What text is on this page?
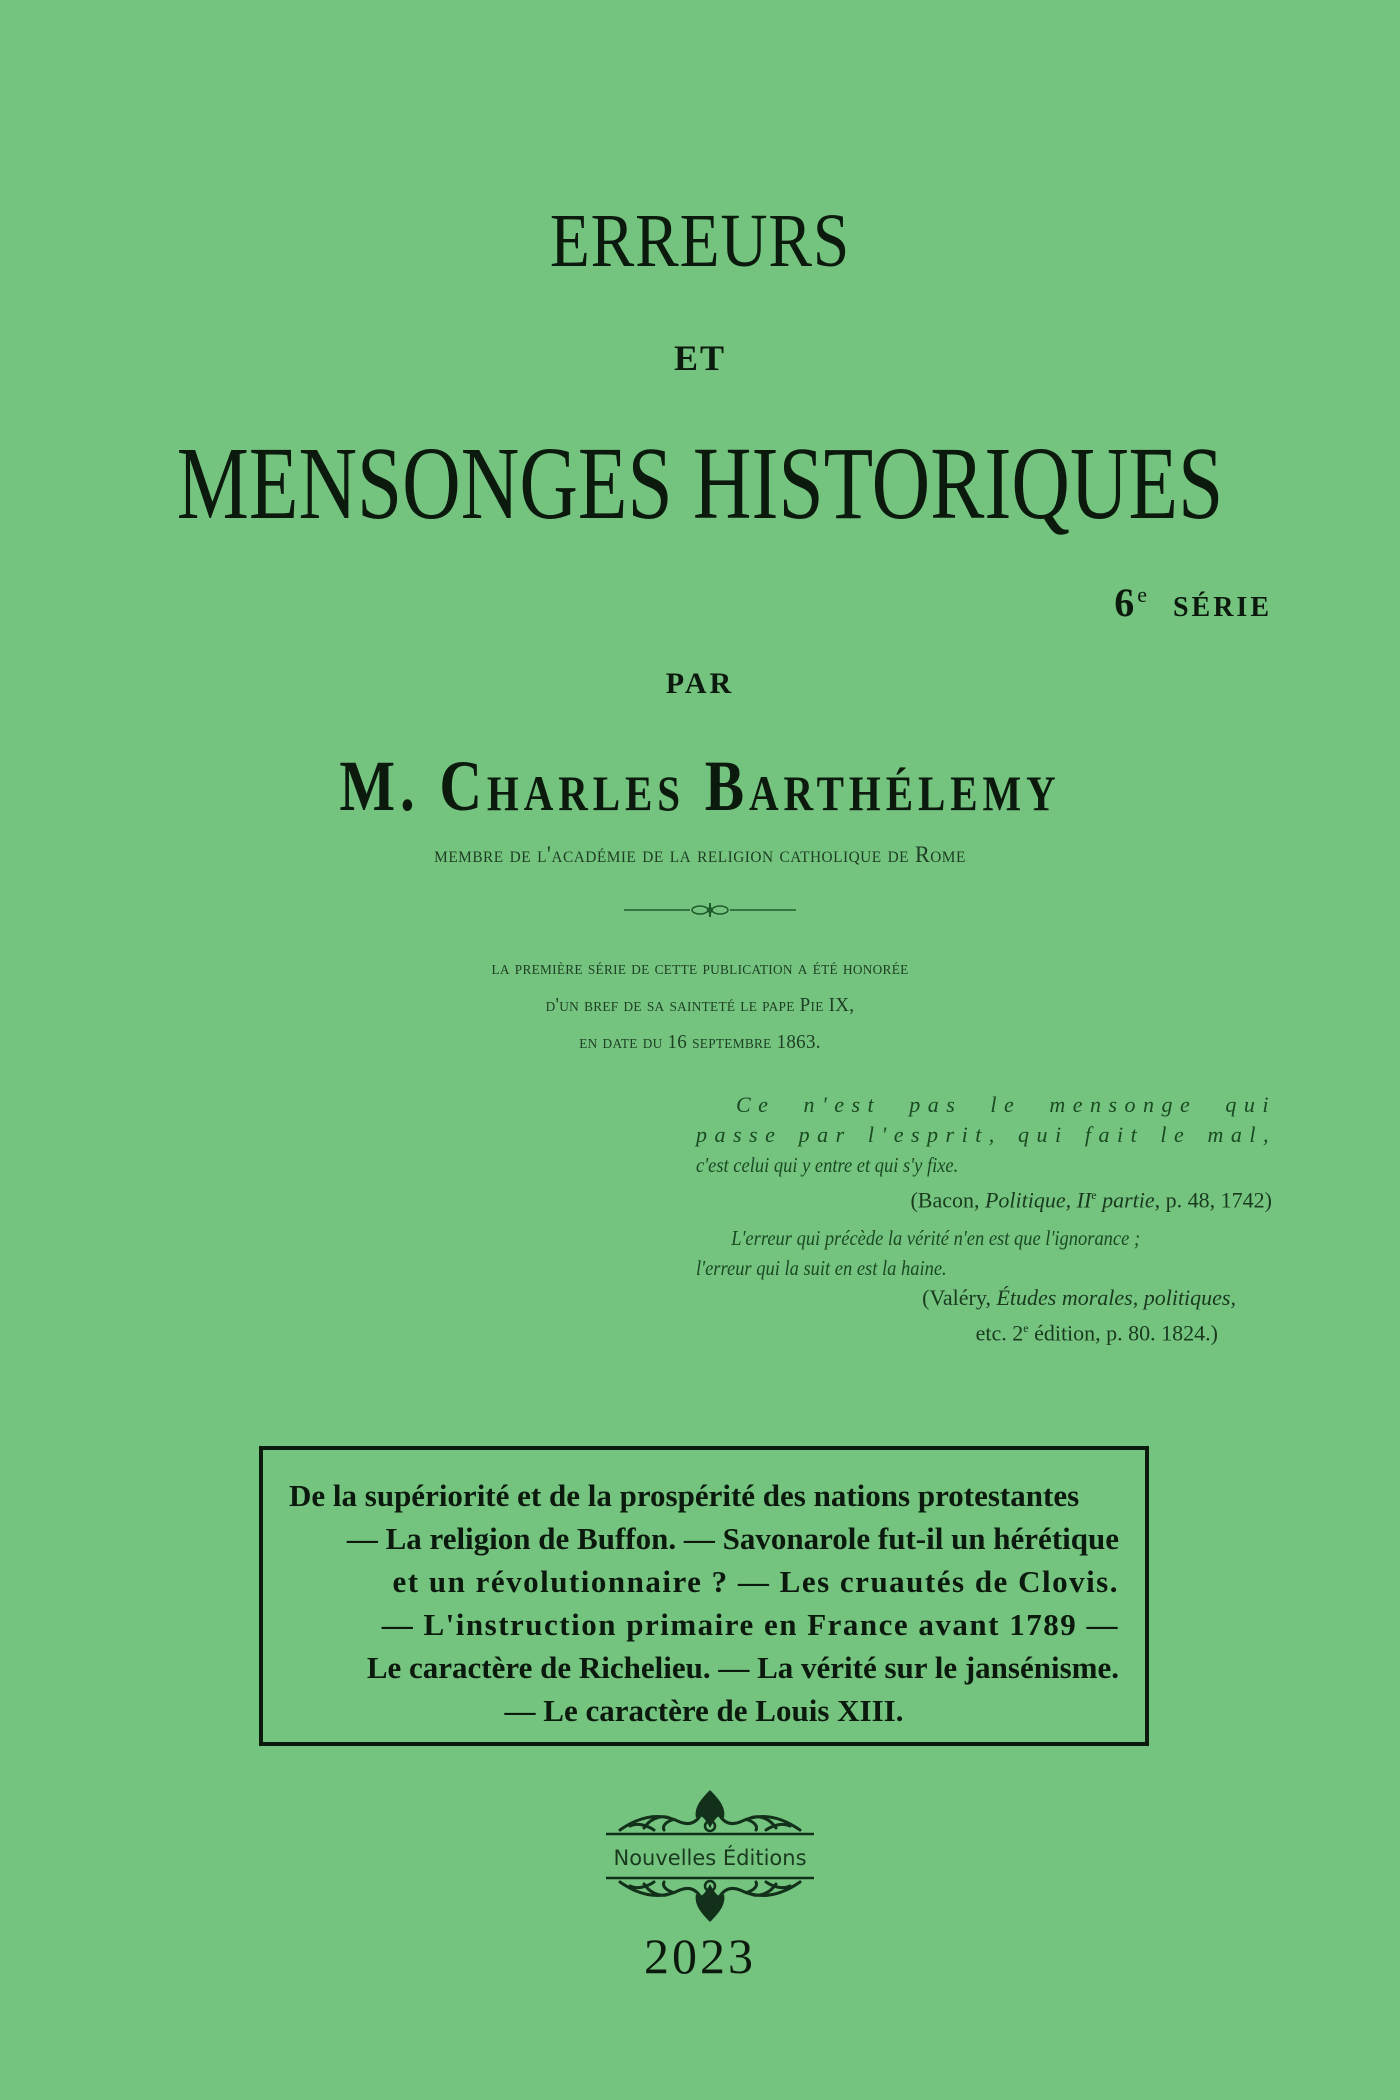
ERREURS
ET
MENSONGES HISTORIQUES
6e série
PAR
M. Charles Barthélemy
membre de l'académie de la religion catholique de Rome
la première série de cette publication a été honorée
d'un bref de sa sainteté le pape Pie IX,
en date du 16 septembre 1863.
Ce n'est pas le mensonge qui
passe par l'esprit, qui fait le mal,
c'est celui qui y entre et qui s'y fixe.
(Bacon, Politique, IIe partie, p. 48, 1742)
L'erreur qui précède la vérité n'en est que l'ignorance ;
l'erreur qui la suit en est la haine.
(Valéry, Études morales, politiques,
etc. 2e édition, p. 80. 1824.)
De la supériorité et de la prospérité des nations protestantes
— La religion de Buffon. — Savonarole fut-il un hérétique
et un révolutionnaire ? — Les cruautés de Clovis.
— L'instruction primaire en France avant 1789 —
Le caractère de Richelieu. — La vérité sur le jansénisme.
— Le caractère de Louis XIII.
Nouvelles Éditions
2023
